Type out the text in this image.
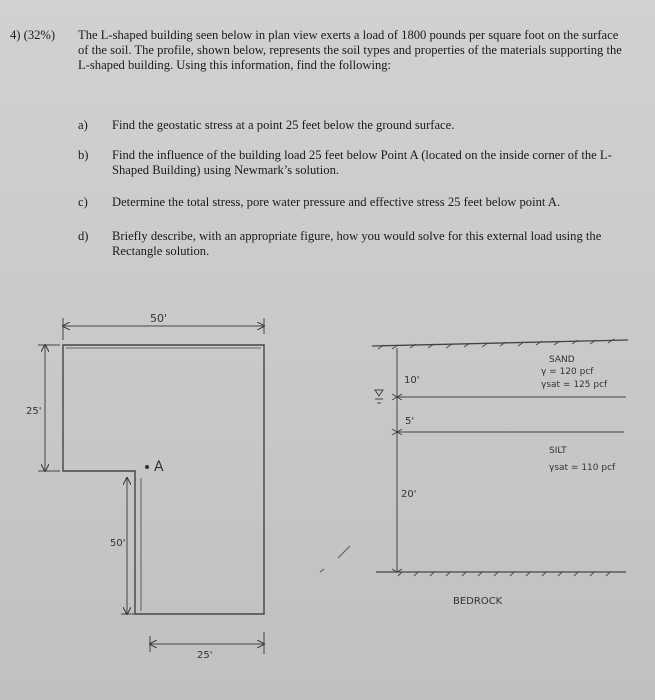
4) (32%) The L-shaped building seen below in plan view exerts a load of 1800 pounds per square foot on the surface of the soil. The profile, shown below, represents the soil types and properties of the materials supporting the L-shaped building. Using this information, find the following:
a) Find the geostatic stress at a point 25 feet below the ground surface.
b) Find the influence of the building load 25 feet below Point A (located on the inside corner of the L-Shaped Building) using Newmark’s solution.
c) Determine the total stress, pore water pressure and effective stress 25 feet below point A.
d) Briefly describe, with an appropriate figure, how you would solve for this external load using the Rectangle solution.
50'
25'
50'
25'
A
10'
5'
20'
SAND
γ = 120 pcf
γsat = 125 pcf
SILT
γsat = 110 pcf
BEDROCK
